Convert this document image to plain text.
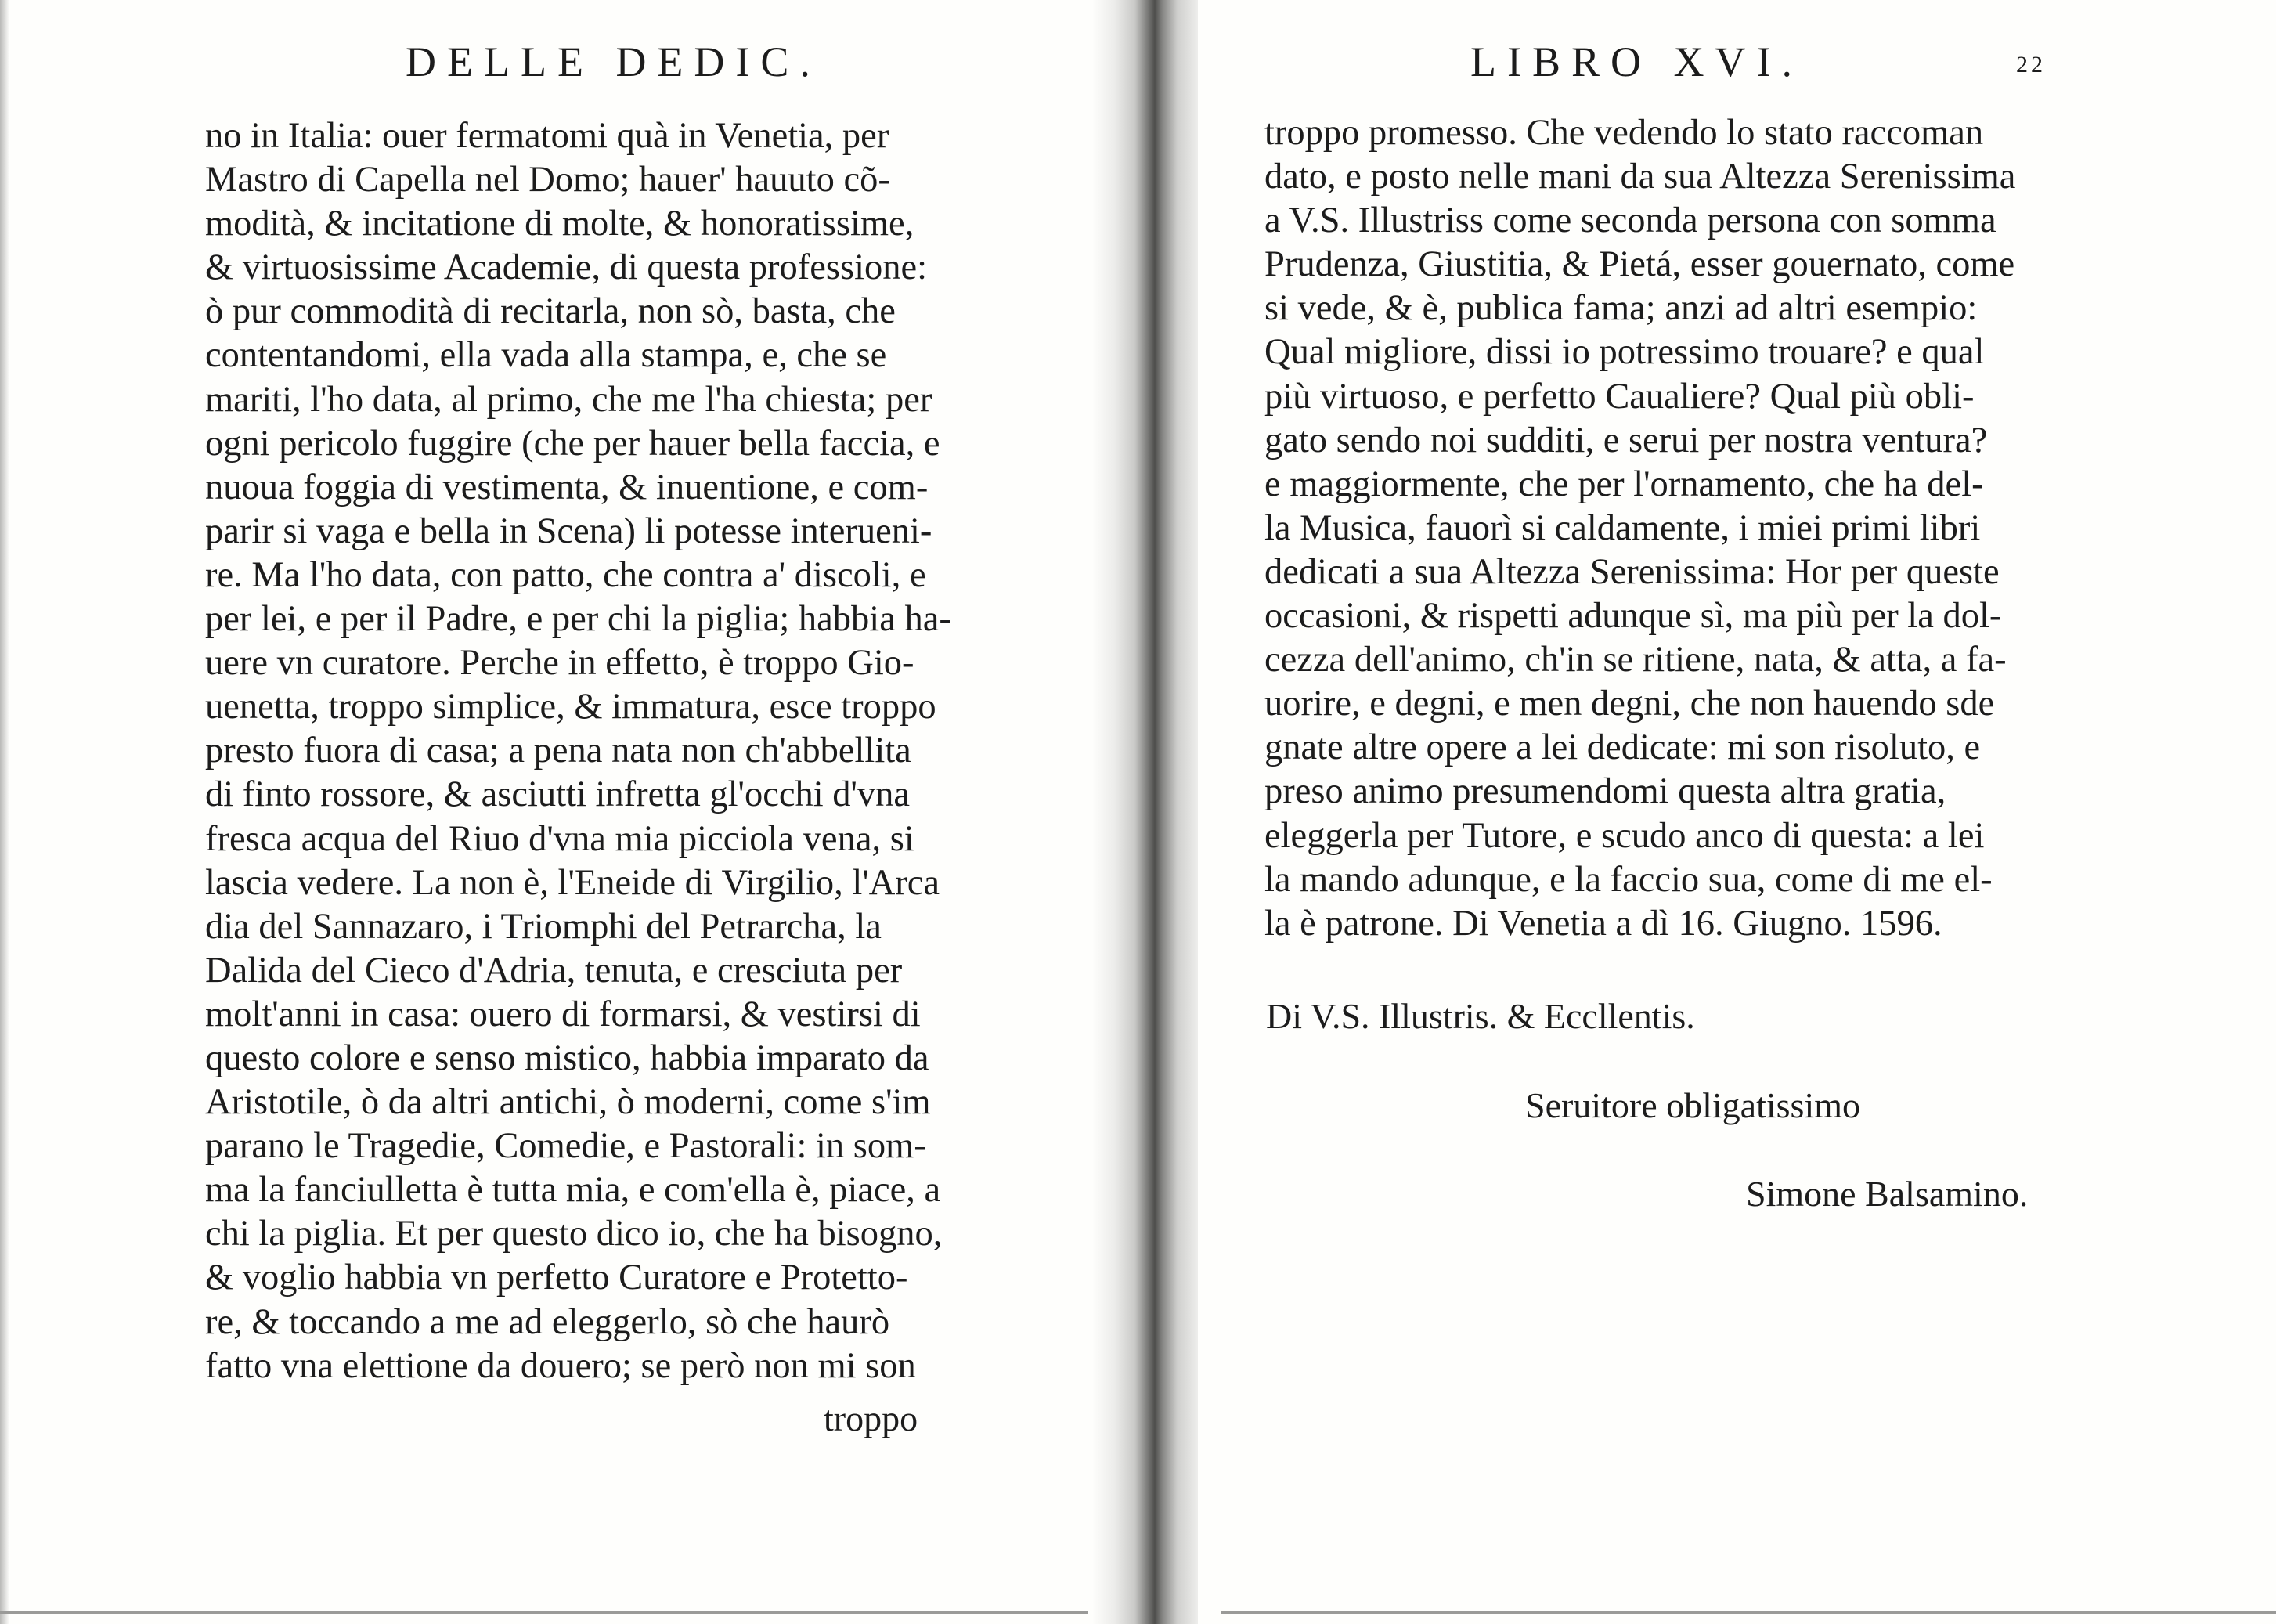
DELLE DEDIC.
no in Italia: ouer fermatomi quà in Venetia, per
Mastro di Capella nel Domo; hauer' hauuto cõ-
modità, & incitatione di molte, & honoratissime,
& virtuosissime Academie, di questa professione:
ò pur commodità di recitarla, non sò, basta, che
contentandomi, ella vada alla stampa, e, che se
mariti, l'ho data, al primo, che me l'ha chiesta; per
ogni pericolo fuggire (che per hauer bella faccia, e
nuoua foggia di vestimenta, & inuentione, e com-
parir si vaga e bella in Scena) li potesse interueni-
re. Ma l'ho data, con patto, che contra a' discoli, e
per lei, e per il Padre, e per chi la piglia; habbia ha-
uere vn curatore. Perche in effetto, è troppo Gio-
uenetta, troppo simplice, & immatura, esce troppo
presto fuora di casa; a pena nata non ch'abbellita
di finto rossore, & asciutti infretta gl'occhi d'vna
fresca acqua del Riuo d'vna mia picciola vena, si
lascia vedere. La non è, l'Eneide di Virgilio, l'Arca
dia del Sannazaro, i Triomphi del Petrarcha, la
Dalida del Cieco d'Adria, tenuta, e cresciuta per
molt'anni in casa: ouero di formarsi, & vestirsi di
questo colore e senso mistico, habbia imparato da
Aristotile, ò da altri antichi, ò moderni, come s'im
parano le Tragedie, Comedie, e Pastorali: in som-
ma la fanciulletta è tutta mia, e com'ella è, piace, a
chi la piglia. Et per questo dico io, che ha bisogno,
& voglio habbia vn perfetto Curatore e Protetto-
re, & toccando a me ad eleggerlo, sò che haurò
fatto vna elettione da douero; se però non mi son
troppo
LIBRO XVI.	22
troppo promesso. Che vedendo lo stato raccoman
dato, e posto nelle mani da sua Altezza Serenissima
a V.S. Illustriss come seconda persona con somma
Prudenza, Giustitia, & Pietá, esser gouernato, come
si vede, & è, publica fama; anzi ad altri esempio:
Qual migliore, dissi io potressimo trouare? e qual
più virtuoso, e perfetto Caualiere? Qual più obli-
gato sendo noi sudditi, e serui per nostra ventura?
e maggiormente, che per l'ornamento, che ha del-
la Musica, fauorì si caldamente, i miei primi libri
dedicati a sua Altezza Serenissima: Hor per queste
occasioni, & rispetti adunque sì, ma più per la dol-
cezza dell'animo, ch'in se ritiene, nata, & atta, a fa-
uorire, e degni, e men degni, che non hauendo sde
gnate altre opere a lei dedicate: mi son risoluto, e
preso animo presumendomi questa altra gratia,
eleggerla per Tutore, e scudo anco di questa: a lei
la mando adunque, e la faccio sua, come di me el-
la è patrone. Di Venetia a dì 16. Giugno. 1596.
Di V.S. Illustris. & Eccllentis.
Seruitore obligatissimo
Simone Balsamino.
